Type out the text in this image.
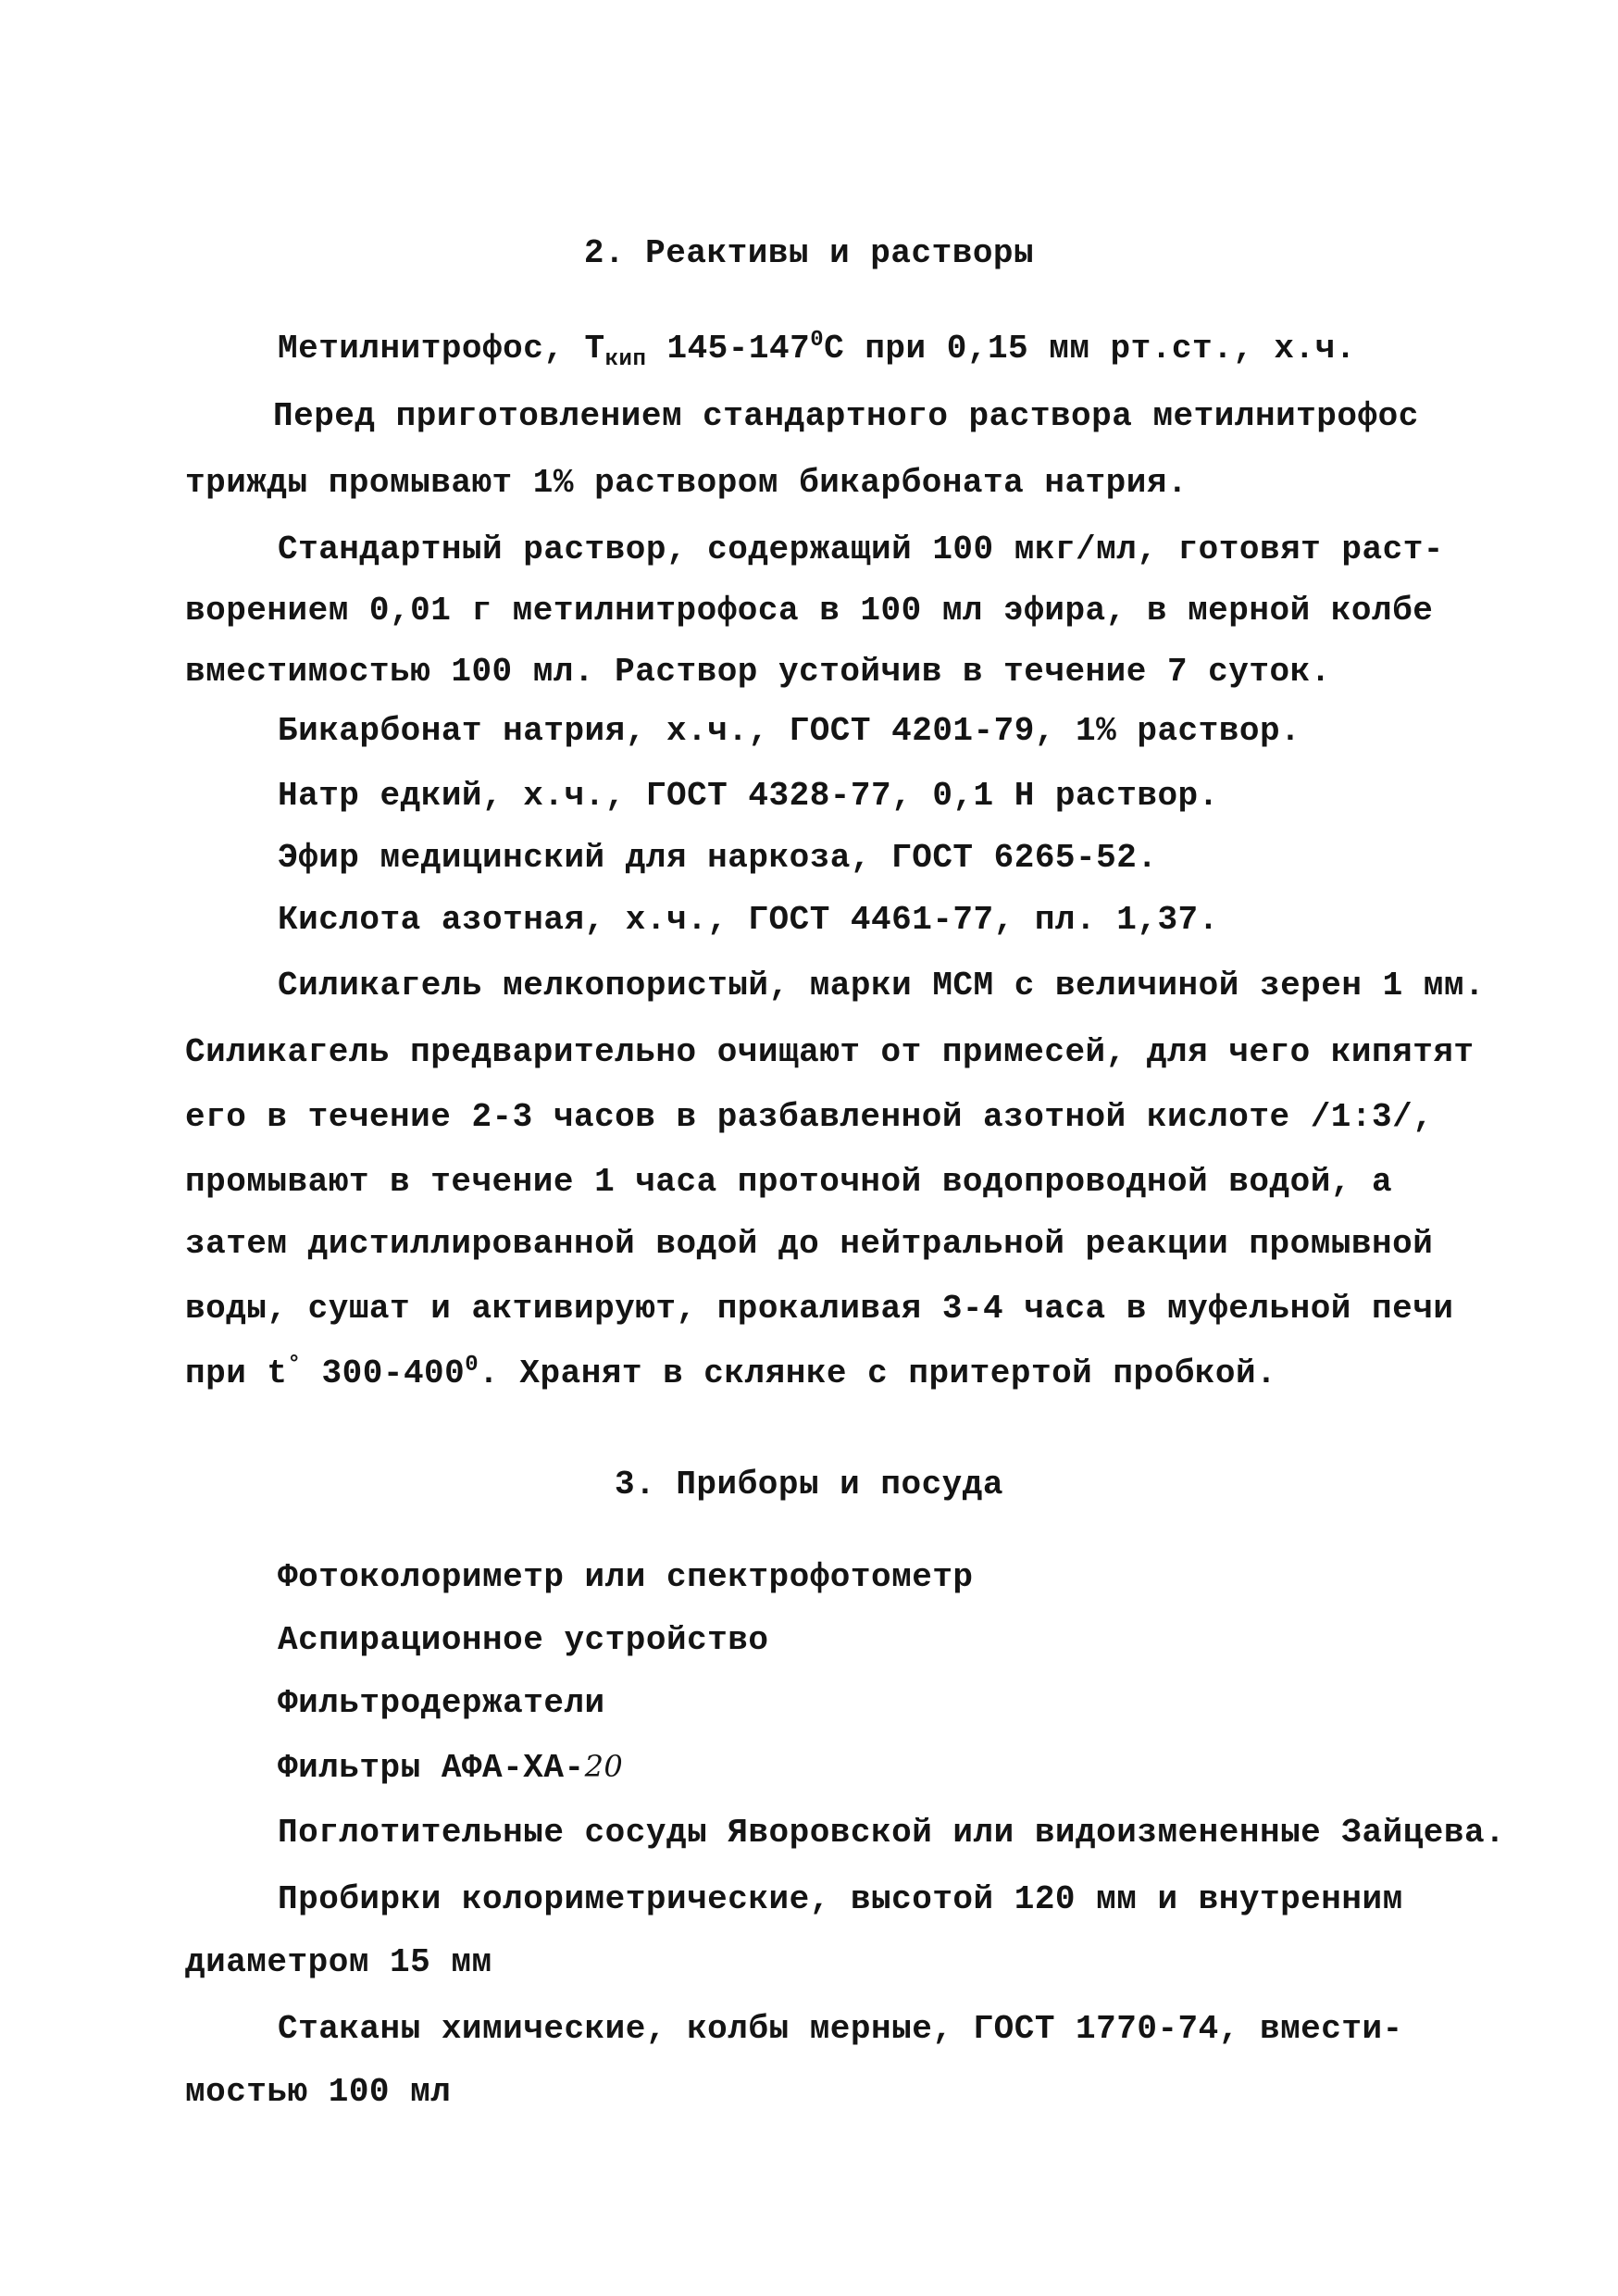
2. Реактивы и растворы
Метилнитрофос, $Т_{кип}$ $145-147^0С$ при 0,15 мм рт.ст., х.ч.
Перед приготовлением стандартного раствора метилнитрофос
трижды промывают 1% раствором бикарбоната натрия.
Стандартный раствор, содержащий 100 мкг/мл, готовят раст-
ворением 0,01 г метилнитрофоса в 100 мл эфира, в мерной колбе
вместимостью 100 мл. Раствор устойчив в течение 7 суток.
Бикарбонат натрия, х.ч., ГОСТ 4201-79, 1% раствор.
Натр едкий, х.ч., ГОСТ 4328-77, 0,1 Н раствор.
Эфир медицинский для наркоза, ГОСТ 6265-52.
Кислота азотная, х.ч., ГОСТ 4461-77, пл. 1,37.
Силикагель мелкопористый, марки МСМ с величиной зерен 1 мм.
Силикагель предварительно очищают от примесей, для чего кипятят
его в течение 2-3 часов в разбавленной азотной кислоте /1:3/,
промывают в течение 1 часа проточной водопроводной водой, а
затем дистиллированной водой до нейтральной реакции промывной
воды, сушат и активируют, прокаливая 3-4 часа в муфельной печи
при t° $300-400^0$. Хранят в склянке с притертой пробкой.
3. Приборы и посуда
Фотоколориметр или спектрофотометр
Аспирационное устройство
Фильтродержатели
Фильтры АФА-ХА-20
Поглотительные сосуды Яворовской или видоизмененные Зайцева.
Пробирки колориметрические, высотой 120 мм и внутренним
диаметром 15 мм
Стаканы химические, колбы мерные, ГОСТ 1770-74, вмести-
мостью 100 мл
